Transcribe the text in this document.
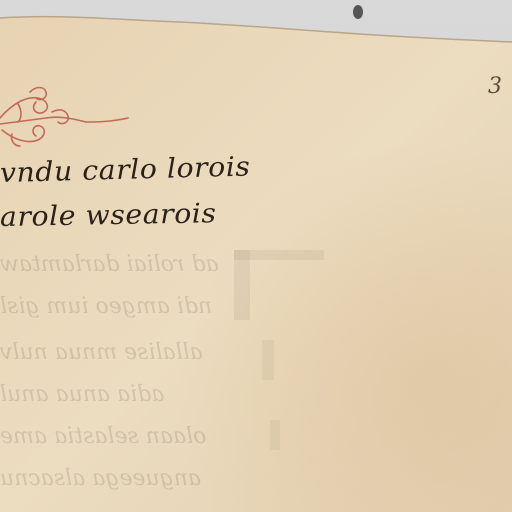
ad roliai darlamtaw
ndi amgeo ium gisl
allalise mnua nulv
adia anua anul
olaan selastia ame
angueega alsacnu
vndu carlo lorois
arole wsearois
3
